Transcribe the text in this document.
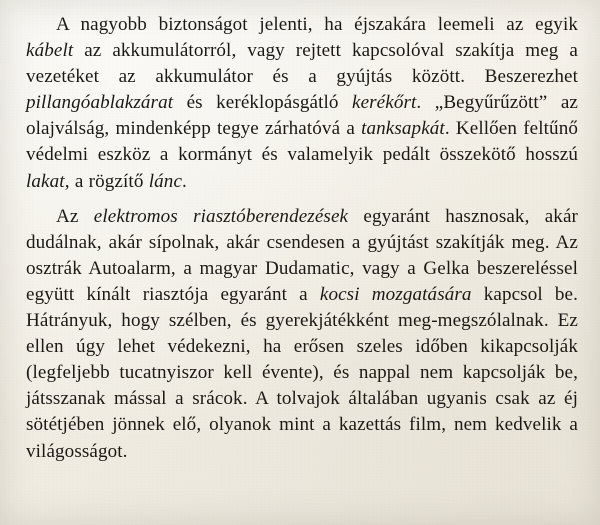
A nagyobb biztonságot jelenti, ha éjszakára leemeli az egyik kábelt az akkumulátorról, vagy rejtett kapcsolóval szakítja meg a vezetéket az akkumulátor és a gyújtás között. Beszerezhet pillangóablakzárat és keréklopásgátló kerékőrt. „Begyűrűzött” az olajválság, mindenképp tegye zárhatóvá a tanksapkát. Kellően feltűnő védelmi eszköz a kormányt és valamelyik pedált összekötő hosszú lakat, a rögzítő lánc.

Az elektromos riasztóberendezések egyaránt hasznosak, akár dudálnak, akár sípolnak, akár csendesen a gyújtást szakítják meg. Az osztrák Autoalarm, a magyar Dudamatic, vagy a Gelka beszereléssel együtt kínált riasztója egyaránt a kocsi mozgatására kapcsol be. Hátrányuk, hogy szélben, és gyerekjátékként meg-megszólalnak. Ez ellen úgy lehet védekezni, ha erősen szeles időben kikapcsolják (legfeljebb tucatnyiszor kell évente), és nappal nem kapcsolják be, játsszanak mással a srácok. A tolvajok általában ugyanis csak az éj sötétjében jönnek elő, olyanok mint a kazettás film, nem kedvelik a világosságot.
